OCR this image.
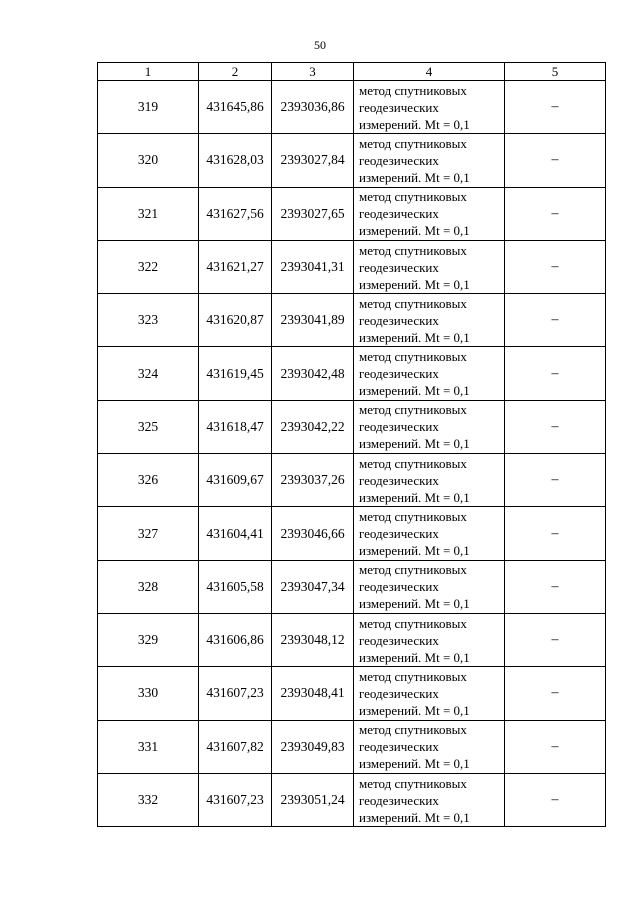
50
1	2	3	4	5
319	431645,86	2393036,86	метод спутниковых геодезических измерений. Mt = 0,1	–
320	431628,03	2393027,84	метод спутниковых геодезических измерений. Mt = 0,1	–
321	431627,56	2393027,65	метод спутниковых геодезических измерений. Mt = 0,1	–
322	431621,27	2393041,31	метод спутниковых геодезических измерений. Mt = 0,1	–
323	431620,87	2393041,89	метод спутниковых геодезических измерений. Mt = 0,1	–
324	431619,45	2393042,48	метод спутниковых геодезических измерений. Mt = 0,1	–
325	431618,47	2393042,22	метод спутниковых геодезических измерений. Mt = 0,1	–
326	431609,67	2393037,26	метод спутниковых геодезических измерений. Mt = 0,1	–
327	431604,41	2393046,66	метод спутниковых геодезических измерений. Mt = 0,1	–
328	431605,58	2393047,34	метод спутниковых геодезических измерений. Mt = 0,1	–
329	431606,86	2393048,12	метод спутниковых геодезических измерений. Mt = 0,1	–
330	431607,23	2393048,41	метод спутниковых геодезических измерений. Mt = 0,1	–
331	431607,82	2393049,83	метод спутниковых геодезических измерений. Mt = 0,1	–
332	431607,23	2393051,24	метод спутниковых геодезических измерений. Mt = 0,1	–
